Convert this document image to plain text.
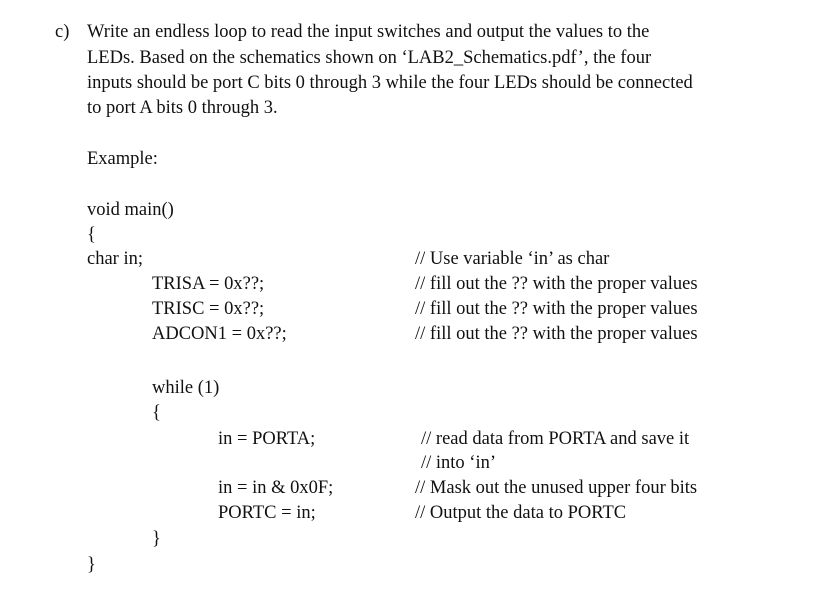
c) Write an endless loop to read the input switches and output the values to the
LEDs. Based on the schematics shown on ‘LAB2_Schematics.pdf’, the four
inputs should be port C bits 0 through 3 while the four LEDs should be connected
to port A bits 0 through 3.
Example:
void main()
{
char in;	// Use variable ‘in’ as char
TRISA = 0x??;	// fill out the ?? with the proper values
TRISC = 0x??;	// fill out the ?? with the proper values
ADCON1 = 0x??;	// fill out the ?? with the proper values
while (1)
{
in = PORTA;	// read data from PORTA and save it
// into ‘in’
in = in & 0x0F;	// Mask out the unused upper four bits
PORTC = in;	// Output the data to PORTC
}
}
